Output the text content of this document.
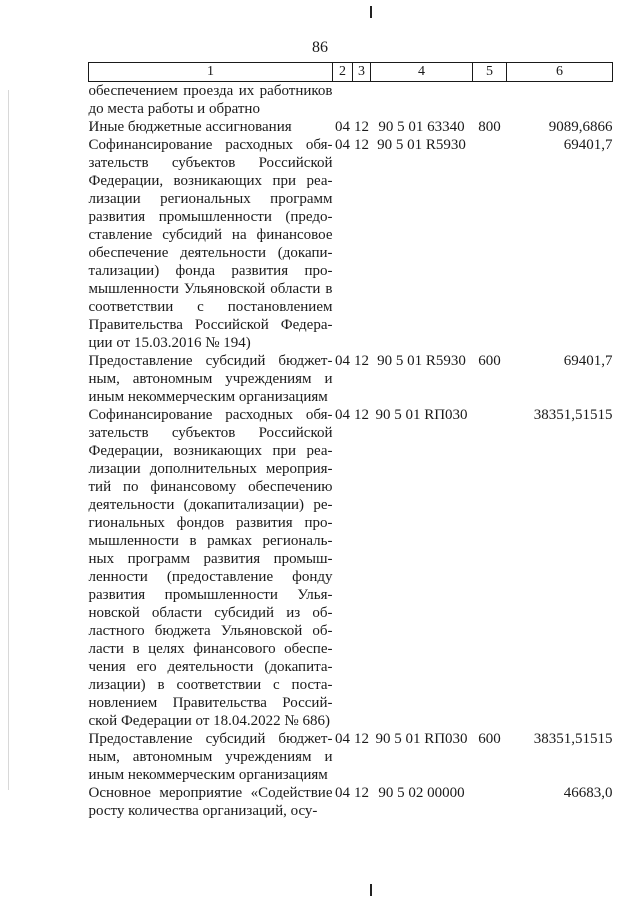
86
1	2	3	4	5	6
обеспечением проезда их работников до места работы и обратно					
Иные бюджетные ассигнования	04	12	90 5 01 63340	800	9089,6866
Софинансирование расходных обязательств субъектов Российской Федерации, возникающих при реализации региональных программ развития промышленности (предоставление субсидий на финансовое обеспечение деятельности (докапитализации) фонда развития промышленности Ульяновской области в соответствии с постановлением Правительства Российской Федерации от 15.03.2016 № 194)	04	12	90 5 01 R5930		69401,7
Предоставление субсидий бюджетным, автономным учреждениям и иным некоммерческим организациям	04	12	90 5 01 R5930	600	69401,7
Софинансирование расходных обязательств субъектов Российской Федерации, возникающих при реализации дополнительных мероприятий по финансовому обеспечению деятельности (докапитализации) региональных фондов развития промышленности в рамках региональных программ развития промышленности (предоставление фонду развития промышленности Ульяновской области субсидий из областного бюджета Ульяновской области в целях финансового обеспечения его деятельности (докапитализации) в соответствии с постановлением Правительства Российской Федерации от 18.04.2022 № 686)	04	12	90 5 01 RП030		38351,51515
Предоставление субсидий бюджетным, автономным учреждениям и иным некоммерческим организациям	04	12	90 5 01 RП030	600	38351,51515
Основное мероприятие «Содействие росту количества организаций, осу-	04	12	90 5 02 00000		46683,0
